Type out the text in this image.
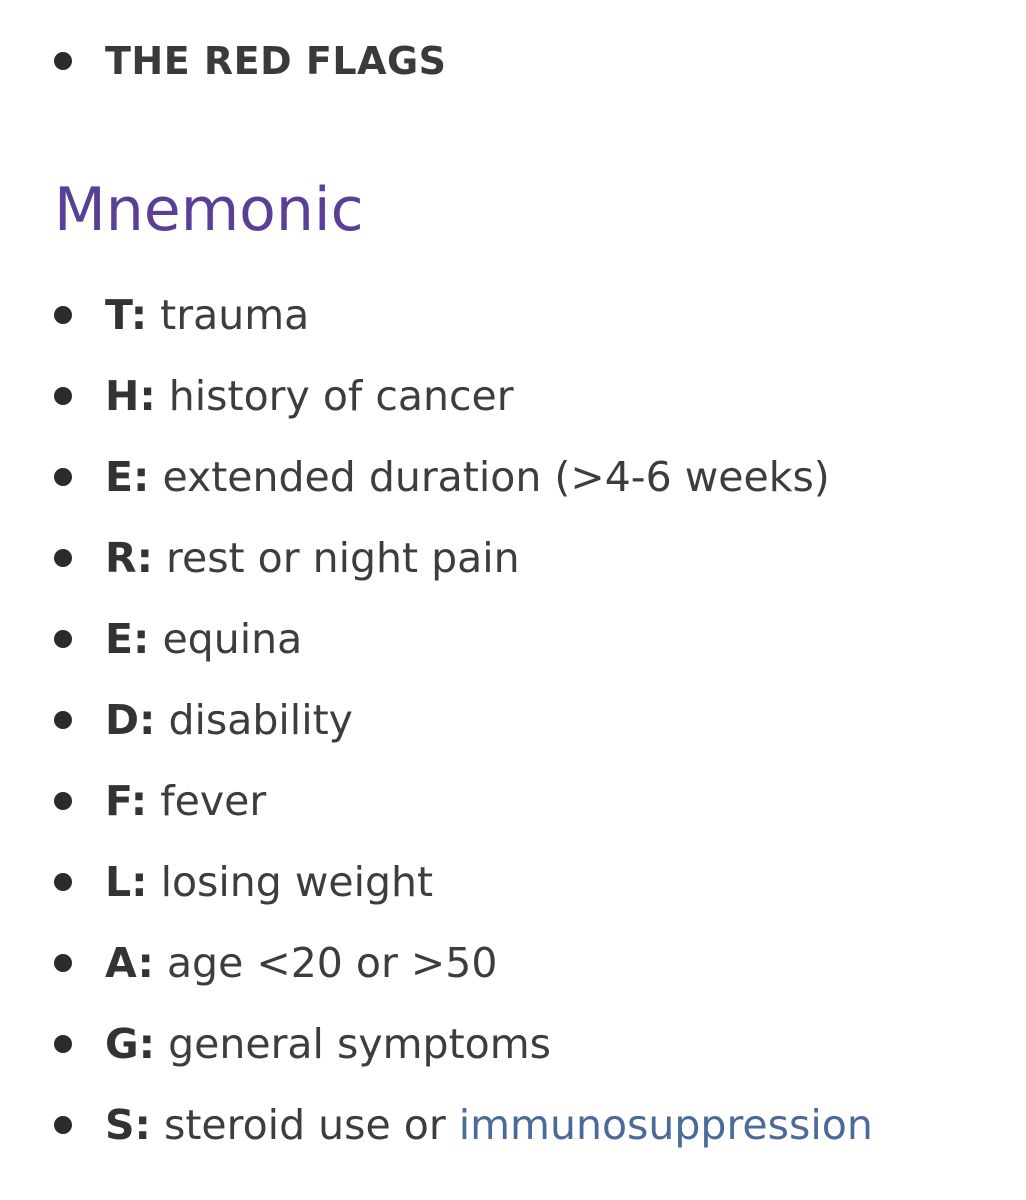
THE RED FLAGS
Mnemonic
T: trauma
H: history of cancer
E: extended duration (>4-6 weeks)
R: rest or night pain
E: equina
D: disability
F: fever
L: losing weight
A: age <20 or >50
G: general symptoms
S: steroid use or immunosuppression
